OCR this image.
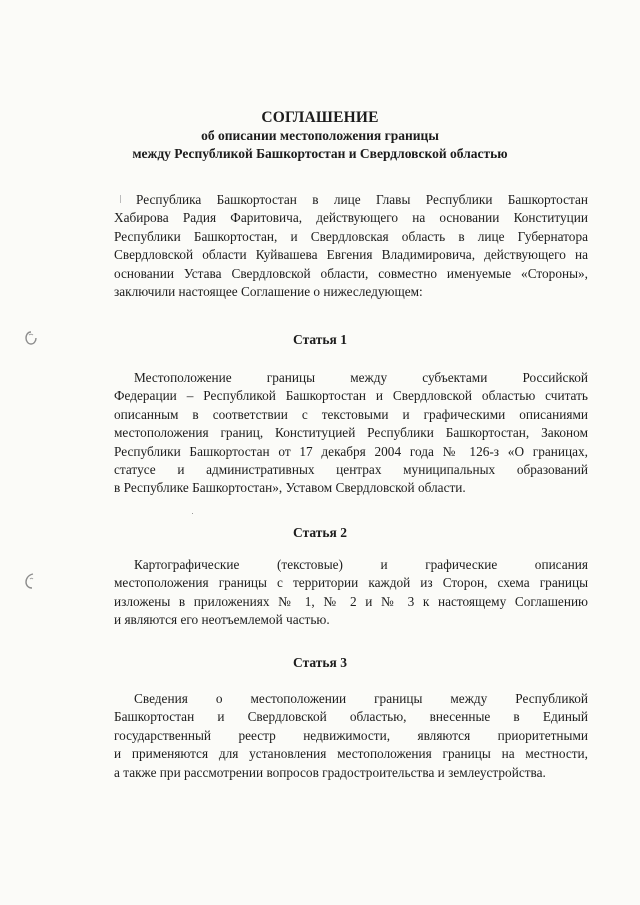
СОГЛАШЕНИЕ

об описании местоположения границы

между Республикой Башкортостан и Свердловской областью

Республика Башкортостан в лице Главы Республики Башкортостан
Хабирова Радия Фаритовича, действующего на основании Конституции
Республики Башкортостан, и Свердловская область в лице Губернатора
Свердловской области Куйвашева Евгения Владимировича, действующего на
основании Устава Свердловской области, совместно именуемые «Стороны»,
заключили настоящее Соглашение о нижеследующем:

Статья 1

Местоположение границы между субъектами Российской
Федерации – Республикой Башкортостан и Свердловской областью считать
описанным в соответствии с текстовыми и графическими описаниями
местоположения границ, Конституцией Республики Башкортостан, Законом
Республики Башкортостан от 17 декабря 2004 года № 126-з «О границах,
статусе и административных центрах муниципальных образований
в Республике Башкортостан», Уставом Свердловской области.

Статья 2

Картографические (текстовые) и графические описания
местоположения границы с территории каждой из Сторон, схема границы
изложены в приложениях № 1, № 2 и № 3 к настоящему Соглашению
и являются его неотъемлемой частью.

Статья 3

Сведения о местоположении границы между Республикой
Башкортостан и Свердловской областью, внесенные в Единый
государственный реестр недвижимости, являются приоритетными
и применяются для установления местоположения границы на местности,
а также при рассмотрении вопросов градостроительства и землеустройства.
